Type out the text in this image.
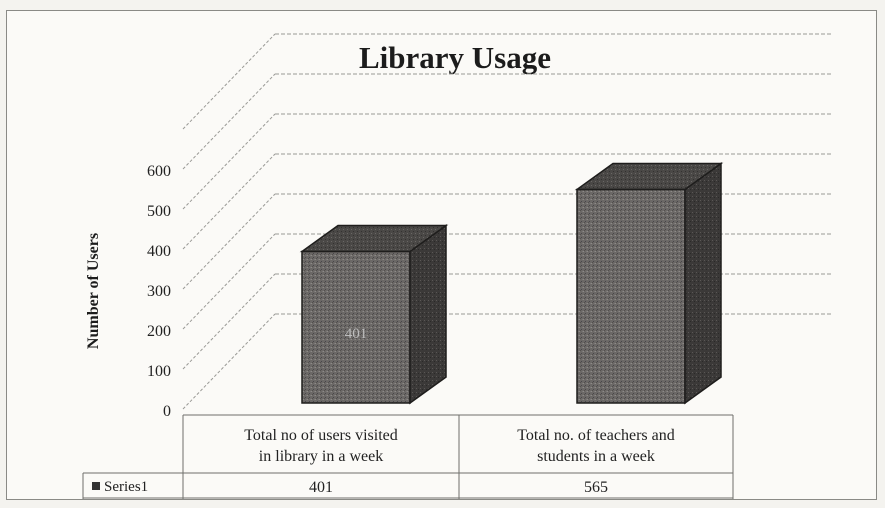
Library Usage
0
100
200
300
400
500
600
401
Number of Users
Total no of users visited
in library in a week
Total no. of teachers and
students in a week
Series1	401	565
